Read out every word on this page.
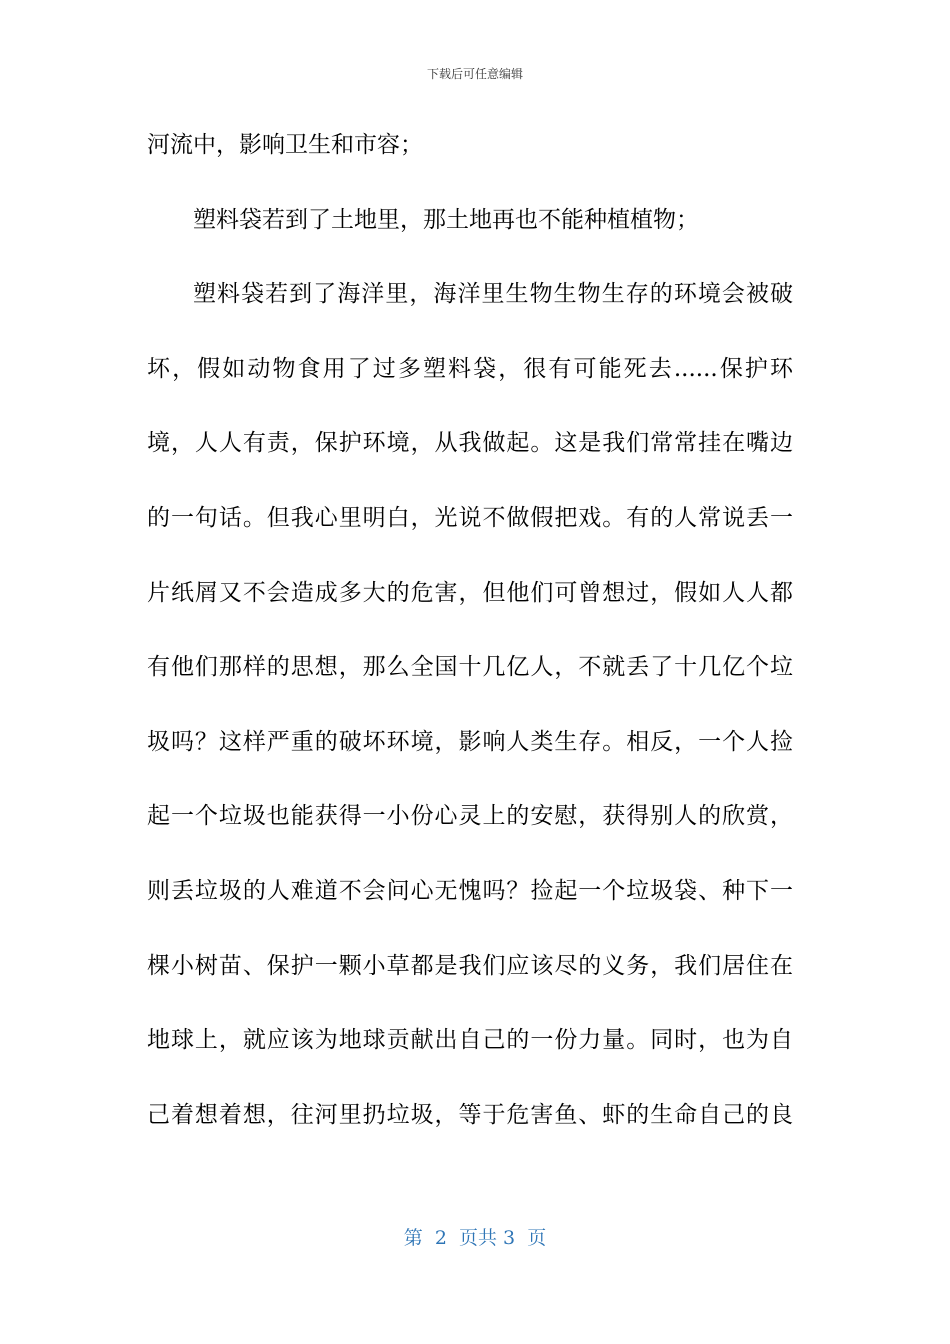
下载后可任意编辑
河流中，影响卫生和市容；
塑料袋若到了土地里，那土地再也不能种植植物；
塑料袋若到了海洋里，海洋里生物生物生存的环境会被破
坏，假如动物食用了过多塑料袋，很有可能死去......保护环
境，人人有责，保护环境，从我做起。这是我们常常挂在嘴边
的一句话。但我心里明白，光说不做假把戏。有的人常说丢一
片纸屑又不会造成多大的危害，但他们可曾想过，假如人人都
有他们那样的思想，那么全国十几亿人，不就丢了十几亿个垃
圾吗？这样严重的破坏环境，影响人类生存。相反，一个人捡
起一个垃圾也能获得一小份心灵上的安慰，获得别人的欣赏，
则丢垃圾的人难道不会问心无愧吗？捡起一个垃圾袋、种下一
棵小树苗、保护一颗小草都是我们应该尽的义务，我们居住在
地球上，就应该为地球贡献出自己的一份力量。同时，也为自
己着想着想，往河里扔垃圾，等于危害鱼、虾的生命自己的良
第  2  页共 3  页
